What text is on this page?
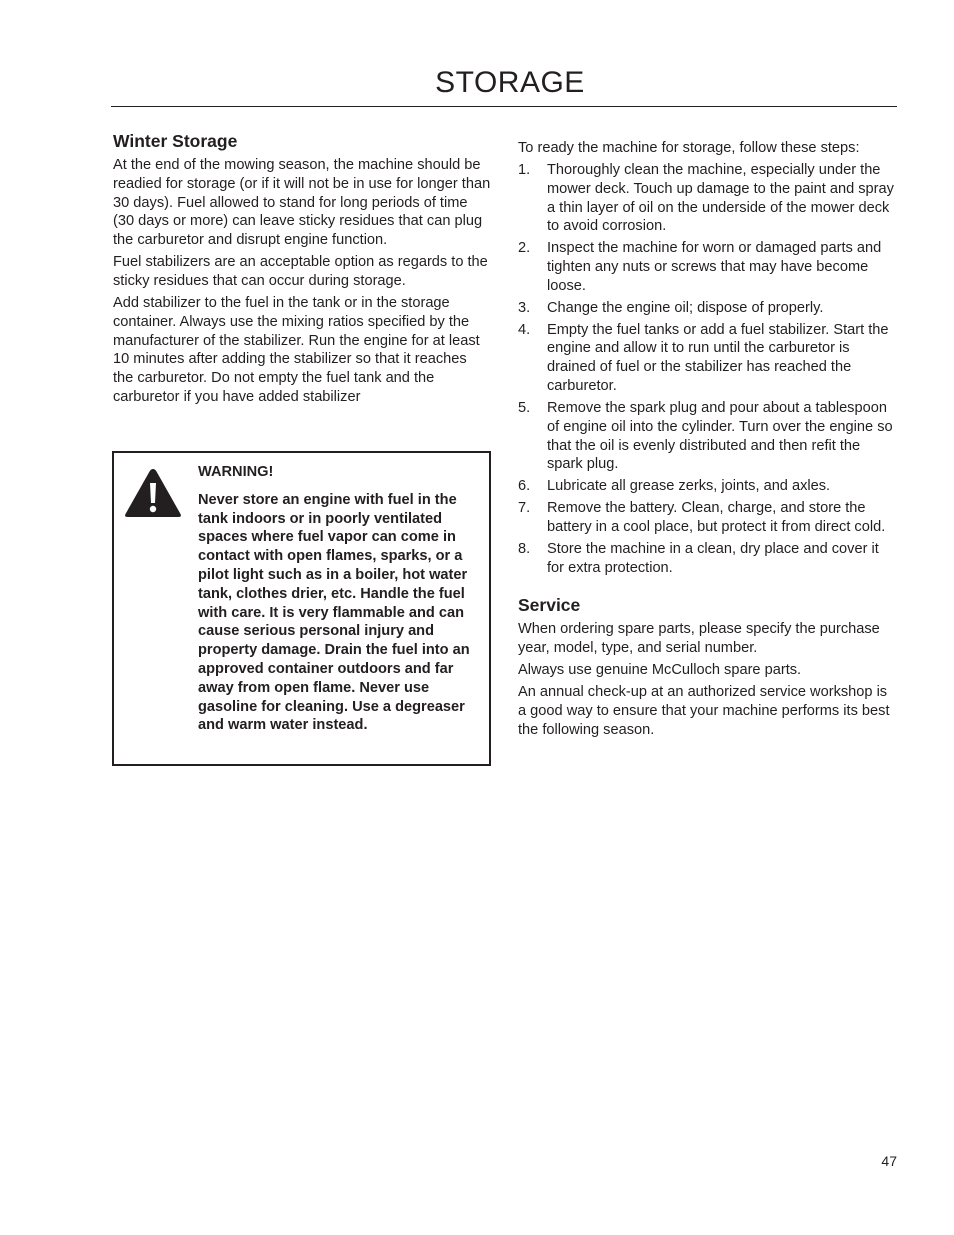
STORAGE
Winter Storage

At the end of the mowing season, the machine should be readied for storage (or if it will not be in use for longer than 30 days). Fuel allowed to stand for long periods of time (30 days or more) can leave sticky residues that can plug the carburetor and disrupt engine function.

Fuel stabilizers are an acceptable option as regards to the sticky residues that can occur during storage.

Add stabilizer to the fuel in the tank or in the storage container. Always use the mixing ratios specified by the manufacturer of the stabilizer. Run the engine for at least 10 minutes after adding the stabilizer so that it reaches the carburetor. Do not empty the fuel tank and the carburetor if you have added stabilizer

WARNING!
Never store an engine with fuel in the tank indoors or in poorly ventilated spaces where fuel vapor can come in contact with open flames, sparks, or a pilot light such as in a boiler, hot water tank, clothes drier, etc. Handle the fuel with care. It is very flammable and can cause serious personal injury and property damage. Drain the fuel into an approved container outdoors and far away from open flame. Never use gasoline for cleaning. Use a degreaser and warm water instead.

To ready the machine for storage, follow these steps:

1. Thoroughly clean the machine, especially under the mower deck. Touch up damage to the paint and spray a thin layer of oil on the underside of the mower deck to avoid corrosion.
2. Inspect the machine for worn or damaged parts and tighten any nuts or screws that may have become loose.
3. Change the engine oil; dispose of properly.
4. Empty the fuel tanks or add a fuel stabilizer. Start the engine and allow it to run until the carburetor is drained of fuel or the stabilizer has reached the carburetor.
5. Remove the spark plug and pour about a tablespoon of engine oil into the cylinder. Turn over the engine so that the oil is evenly distributed and then refit the spark plug.
6. Lubricate all grease zerks, joints, and axles.
7. Remove the battery. Clean, charge, and store the battery in a cool place, but protect it from direct cold.
8. Store the machine in a clean, dry place and cover it for extra protection.
Service

When ordering spare parts, please specify the purchase year, model, type, and serial number.

Always use genuine McCulloch spare parts.

An annual check-up at an authorized service workshop is a good way to ensure that your machine performs its best the following season.

47
